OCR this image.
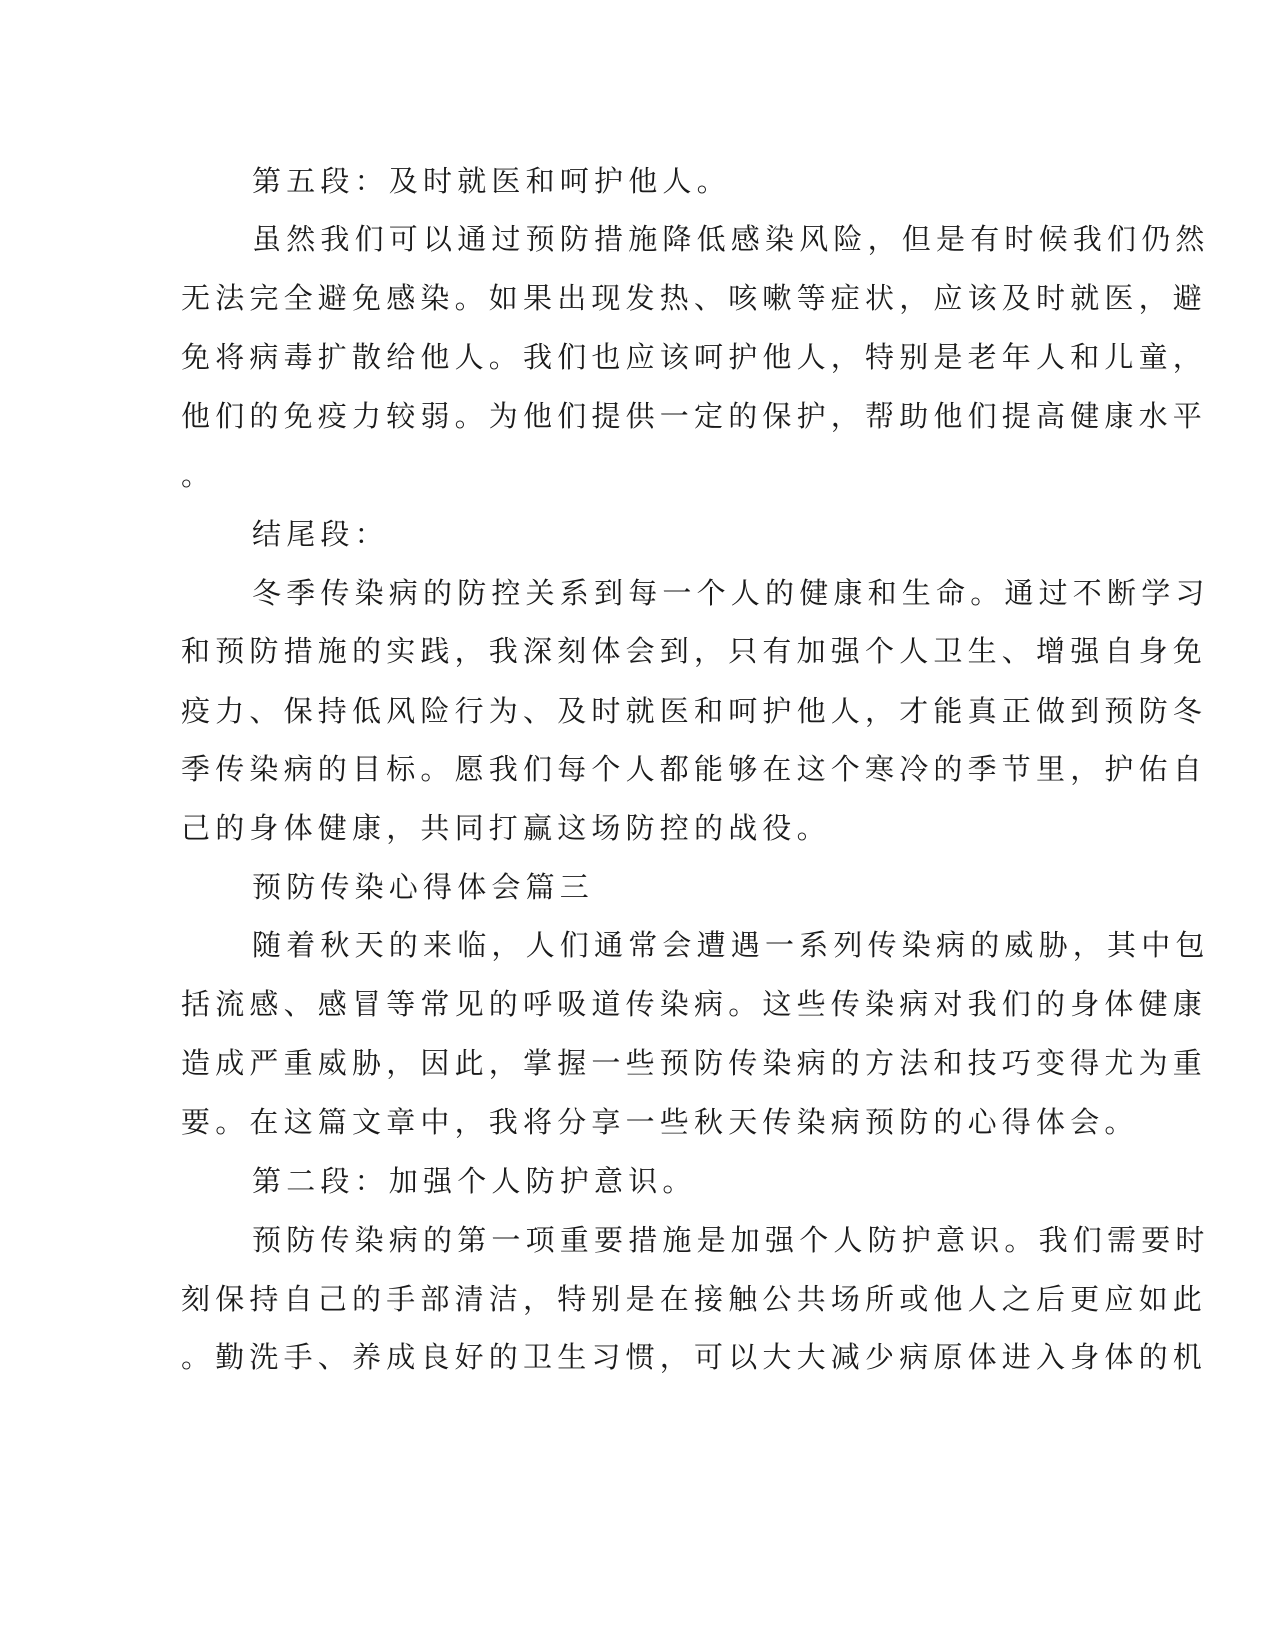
第五段：及时就医和呵护他人。
虽然我们可以通过预防措施降低感染风险，但是有时候我们仍然
无法完全避免感染。如果出现发热、咳嗽等症状，应该及时就医，避
免将病毒扩散给他人。我们也应该呵护他人，特别是老年人和儿童，
他们的免疫力较弱。为他们提供一定的保护，帮助他们提高健康水平
。
结尾段：
冬季传染病的防控关系到每一个人的健康和生命。通过不断学习
和预防措施的实践，我深刻体会到，只有加强个人卫生、增强自身免
疫力、保持低风险行为、及时就医和呵护他人，才能真正做到预防冬
季传染病的目标。愿我们每个人都能够在这个寒冷的季节里，护佑自
己的身体健康，共同打赢这场防控的战役。
预防传染心得体会篇三
随着秋天的来临，人们通常会遭遇一系列传染病的威胁，其中包
括流感、感冒等常见的呼吸道传染病。这些传染病对我们的身体健康
造成严重威胁，因此，掌握一些预防传染病的方法和技巧变得尤为重
要。在这篇文章中，我将分享一些秋天传染病预防的心得体会。
第二段：加强个人防护意识。
预防传染病的第一项重要措施是加强个人防护意识。我们需要时
刻保持自己的手部清洁，特别是在接触公共场所或他人之后更应如此
。勤洗手、养成良好的卫生习惯，可以大大减少病原体进入身体的机
